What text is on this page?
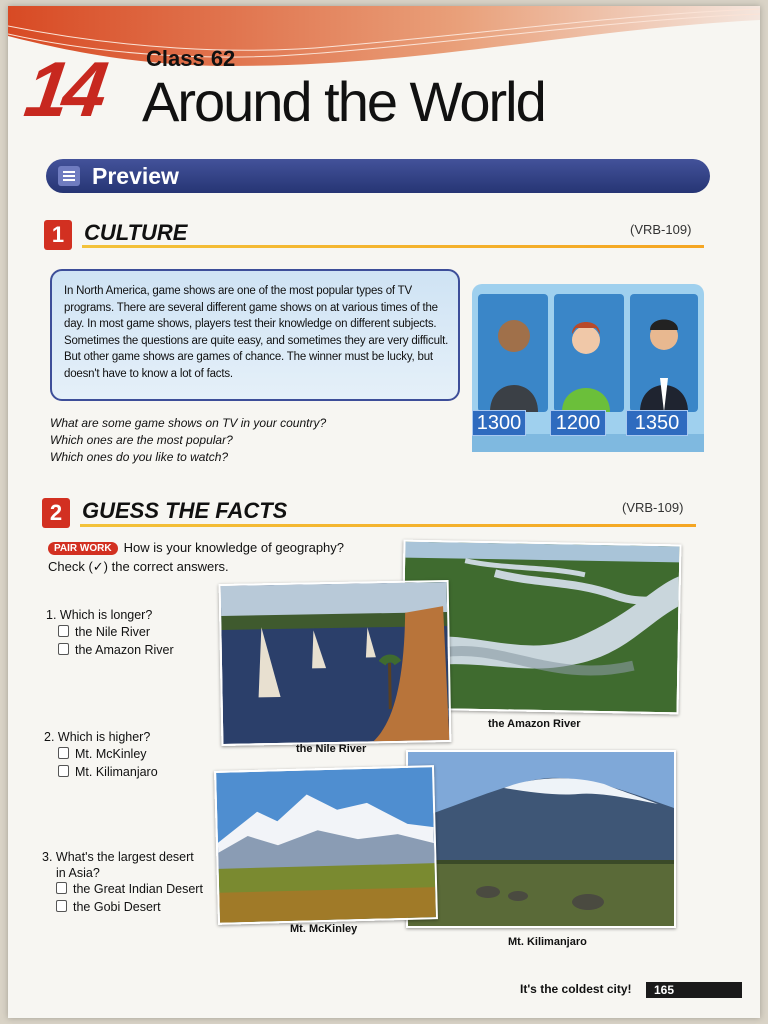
14 Class 62
Around the World
Preview
1 CULTURE	(VRB-109)
In North America, game shows are one of the most popular types of TV programs. There are several different game shows on at various times of the day. In most game shows, players test their knowledge on different subjects. Sometimes the questions are quite easy, and sometimes they are very difficult. But other game shows are games of chance. The winner must be lucky, but doesn't have to know a lot of facts.
What are some game shows on TV in your country?
Which ones are the most popular?
Which ones do you like to watch?
1300 1200	1350
2 GUESS THE FACTS	(VRB-109)
PAIR WORK How is your knowledge of geography?
Check (✓) the correct answers.
1. Which is longer?
the Nile River
the Amazon River
2. Which is higher?
Mt. McKinley
Mt. Kilimanjaro
3. What's the largest desert
in Asia?
the Great Indian Desert
the Gobi Desert
the Amazon River
the Nile River
Mt. Kilimanjaro
Mt. McKinley
It's the coldest city! 165
